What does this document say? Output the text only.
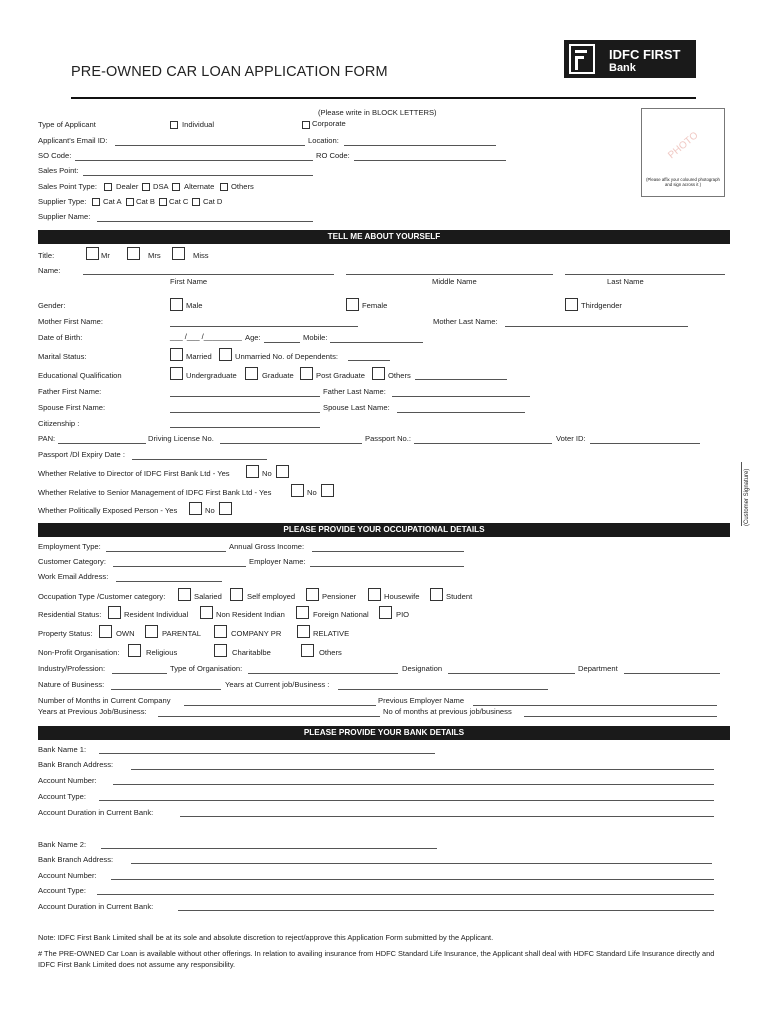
PRE-OWNED CAR LOAN APPLICATION FORM
IDFC FIRST
Bank
(Please write in BLOCK LETTERS)
PHOTO
(Please affix your coloured photograph and sign across it )
(Customer Signature)
Type of Applicant	Individual	Corporate
Applicant's Email ID:	Location:
SO Code:	RO Code:
Sales Point:
Sales Point Type:	Dealer DSA Alternate Others
Supplier Type: Cat A Cat B Cat C Cat D
Supplier Name:
TELL ME ABOUT YOURSELF
Title:	Mr	Mrs	Miss
Name:
First Name	Middle Name	Last Name
Gender:	Male	Female	Thirdgender
Mother First Name:	Mother Last Name:
Date of Birth:	___ /___ /_________ Age:	Mobile:
Marital Status:	Married	Unmarried No. of Dependents:
Educational Qualification	Undergraduate	Graduate	Post Graduate	Others
Father First Name:	Father Last Name:
Spouse First Name:	Spouse Last Name:
Citizenship :
PAN:	Driving License No.	Passport No.:	Voter ID:
Passport /Dl Expiry Date :
Whether Relative to Director of IDFC First Bank Ltd - Yes	No
Whether Relative to Senior Management of IDFC First Bank Ltd - Yes	No
Whether Politically Exposed Person - Yes	No
PLEASE PROVIDE YOUR OCCUPATIONAL DETAILS
Employment Type:	Annual Gross Income:
Customer Category:	Employer Name:
Work Email Address:
Occupation Type /Customer category:	Salaried	Self employed	Pensioner	Housewife	Student
Residential Status:	Resident Individual	Non Resident Indian	Foreign National	PIO
Property Status:	OWN	PARENTAL	COMPANY PR	RELATIVE
Non-Profit Organisation:	Religious	Charitablbe	Others
Industry/Profession:	Type of Organisation:	Designation	Department
Nature of Business:	Years at Current job/Business :
Number of Months in Current Company	Previous Employer Name
Years at Previous Job/Business:	No of months at previous job/business
PLEASE PROVIDE YOUR BANK DETAILS
Bank Name 1:
Bank Branch Address:
Account Number:
Account Type:
Account Duration in Current Bank:
Bank Name 2:
Bank Branch Address:
Account Number:
Account Type:
Account Duration in Current Bank:
Note: IDFC First Bank Limited shall be at its sole and absolute discretion to reject/approve this Application Form submitted by the Applicant.
# The PRE-OWNED Car Loan is available without other offerings. In relation to availing insurance from HDFC Standard Life Insurance, the Applicant shall deal with HDFC Standard Life Insurance directly and IDFC First Bank Limited does not assume any responsibility.
